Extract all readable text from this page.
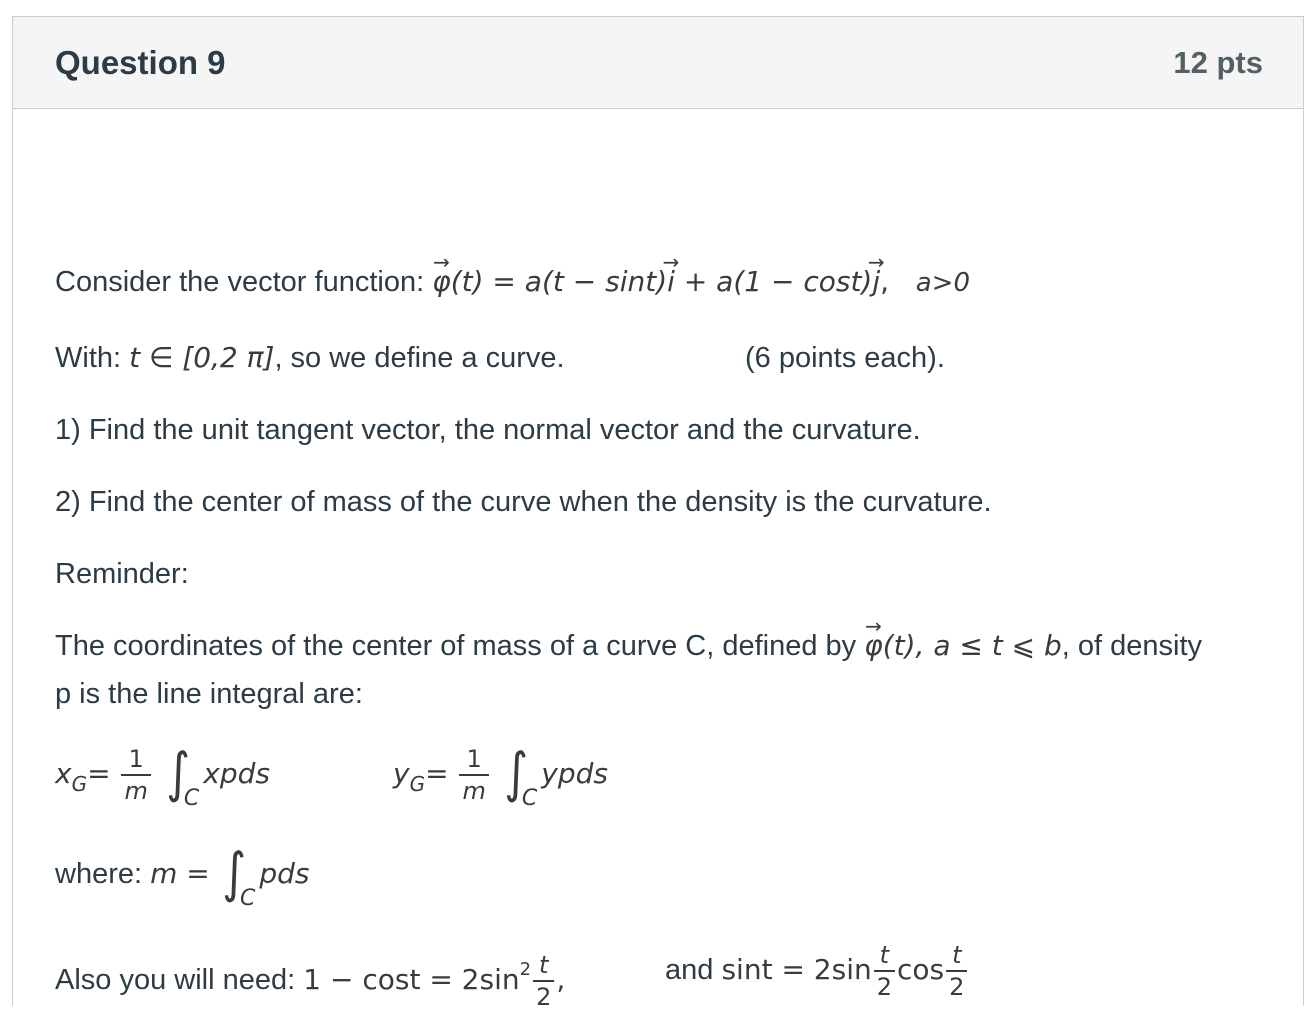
Question 9	12 pts
Consider the vector function: → φ(t) = a(t − sint)→ i + a(1 − cost)→ j, a>0
With: t ∈ [0,2 π], so we define a curve.	(6 points each).
1) Find the unit tangent vector, the normal vector and the curvature.
2) Find the center of mass of the curve when the density is the curvature.
Reminder:
The coordinates of the center of mass of a curve C, defined by → φ(t), a ≤ t ⩽ b, of density
p is the line integral are:
$x_G= \frac{1}{m}$ ∫Cxpds	$y_G= \frac{1}{m}$ ∫Cypds
where: m = ∫Cpds
Also you will need: $1 - \cos t = 2\sin^2 \frac{t}{2}$ ,	and $\sin t = 2\sin \frac{t}{2}$ $\cos \frac{t}{2}$
